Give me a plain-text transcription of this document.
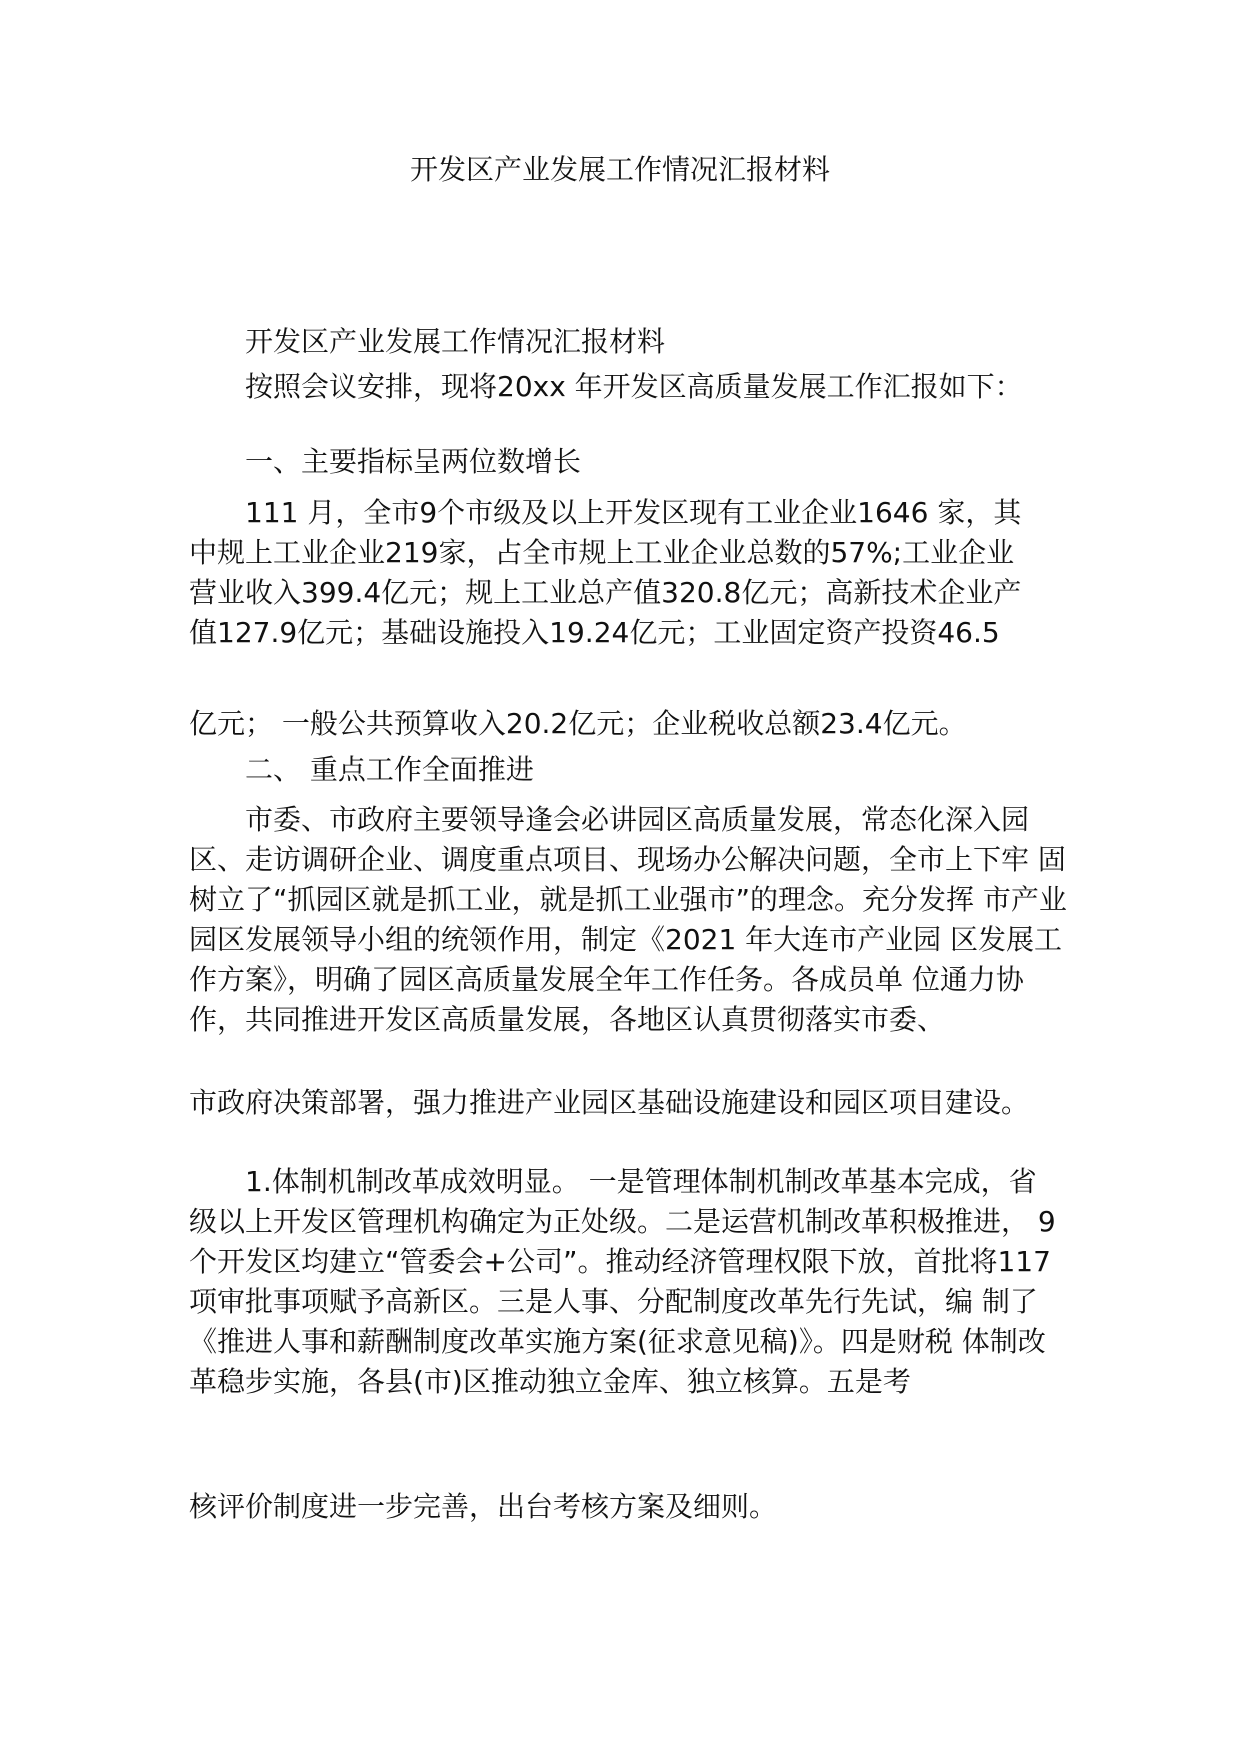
开发区产业发展工作情况汇报材料

开发区产业发展工作情况汇报材料

按照会议安排，现将20xx 年开发区高质量发展工作汇报如下：

一、主要指标呈两位数增长

111 月，全市9个市级及以上开发区现有工业企业1646 家，其 中规上工业企业219家，占全市规上工业企业总数的57%;工业企业 营业收入399.4亿元；规上工业总产值320.8亿元；高新技术企业产 值127.9亿元；基础设施投入19.24亿元；工业固定资产投资46.5

亿元； 一般公共预算收入20.2亿元；企业税收总额23.4亿元。

二、 重点工作全面推进

市委、市政府主要领导逢会必讲园区高质量发展，常态化深入园 区、走访调研企业、调度重点项目、现场办公解决问题，全市上下牢 固树立了“抓园区就是抓工业，就是抓工业强市”的理念。充分发挥 市产业园区发展领导小组的统领作用，制定《2021 年大连市产业园 区发展工作方案》，明确了园区高质量发展全年工作任务。各成员单 位通力协作，共同推进开发区高质量发展，各地区认真贯彻落实市委、

市政府决策部署，强力推进产业园区基础设施建设和园区项目建设。

1.体制机制改革成效明显。 一是管理体制机制改革基本完成，省 级以上开发区管理机构确定为正处级。二是运营机制改革积极推进， 9个开发区均建立“管委会+公司”。推动经济管理权限下放，首批将117项审批事项赋予高新区。三是人事、分配制度改革先行先试，编 制了《推进人事和薪酬制度改革实施方案(征求意见稿)》。四是财税 体制改革稳步实施，各县(市)区推动独立金库、独立核算。五是考

核评价制度进一步完善，出台考核方案及细则。
